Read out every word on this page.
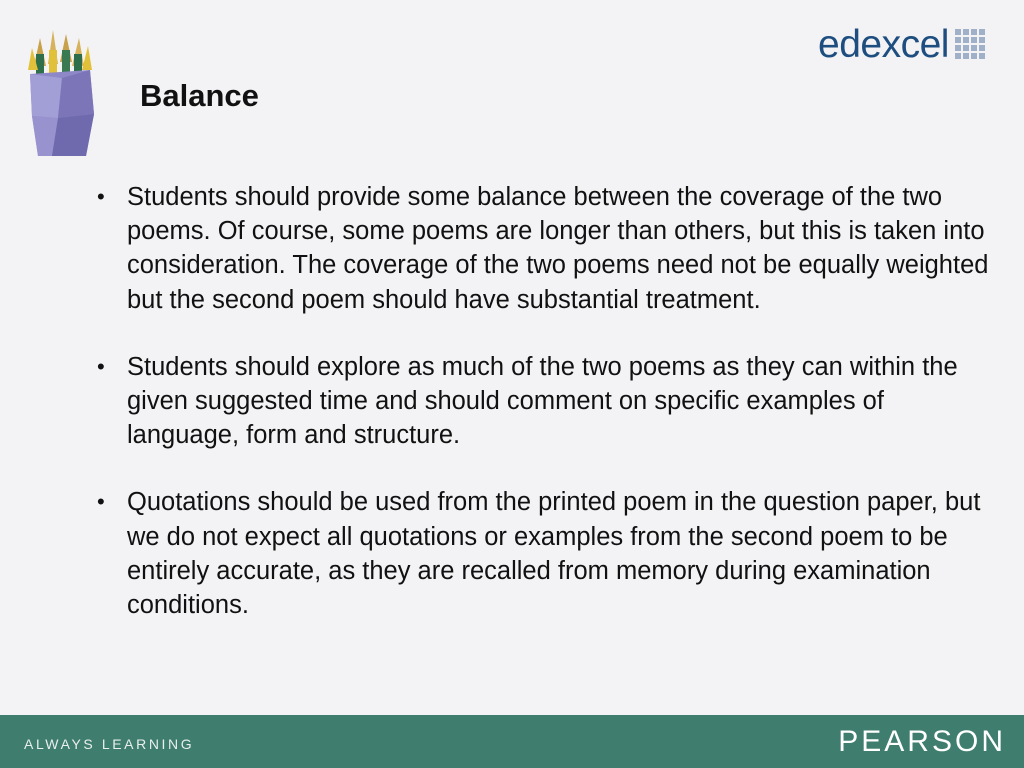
Balance
edexcel
• Students should provide some balance between the coverage of the two poems. Of course, some poems are longer than others, but this is taken into consideration. The coverage of the two poems need not be equally weighted but the second poem should have substantial treatment.
• Students should explore as much of the two poems as they can within the given suggested time and should comment on specific examples of language, form and structure.
• Quotations should be used from the printed poem in the question paper, but we do not expect all quotations or examples from the second poem to be entirely accurate, as they are recalled from memory during examination conditions.
ALWAYS LEARNING	PEARSON
